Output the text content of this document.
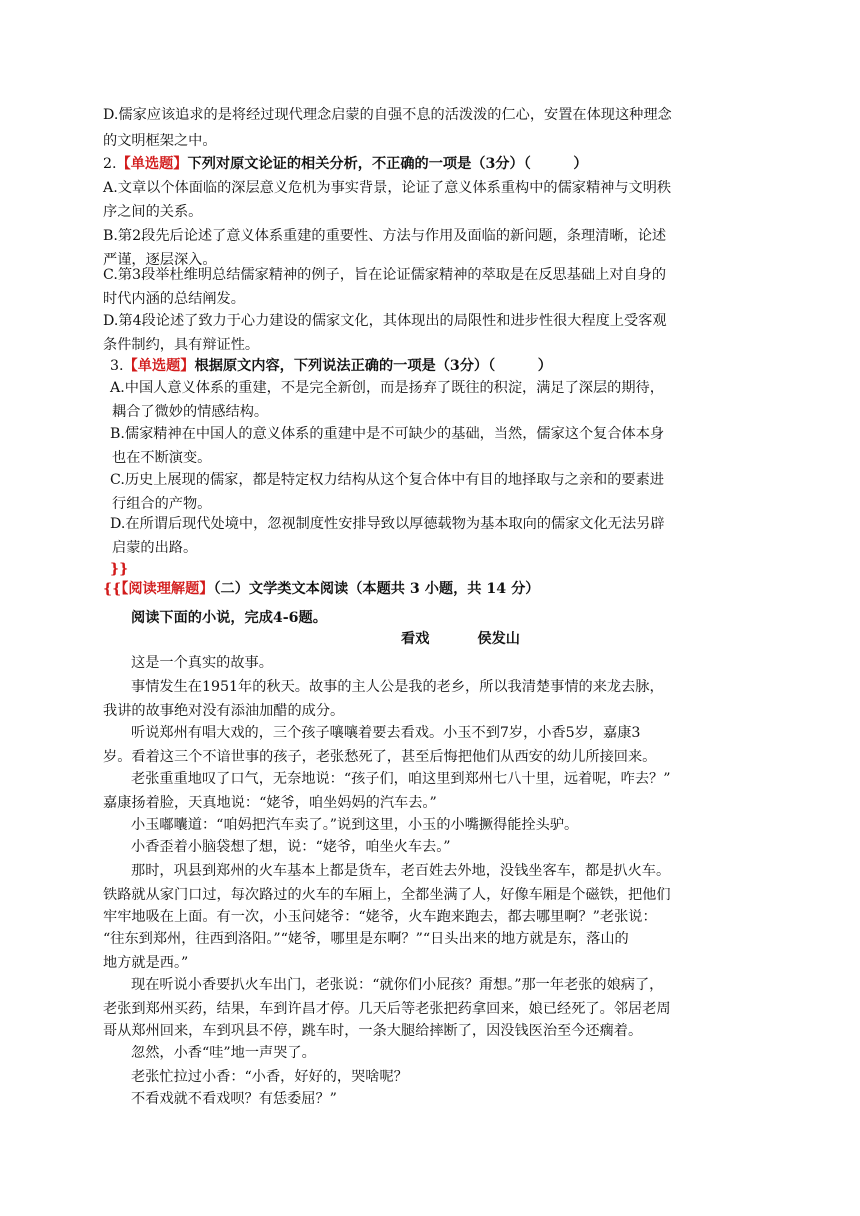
D.儒家应该追求的是将经过现代理念启蒙的自强不息的活泼泼的仁心，安置在体现这种理念
的文明框架之中。
2.【单选题】下列对原文论证的相关分析，不正确的一项是（3分）（　　　）
A.文章以个体面临的深层意义危机为事实背景，论证了意义体系重构中的儒家精神与文明秩
序之间的关系。
B.第2段先后论述了意义体系重建的重要性、方法与作用及面临的新问题，条理清晰，论述
严谨，逐层深入。
C.第3段举杜维明总结儒家精神的例子，旨在论证儒家精神的萃取是在反思基础上对自身的
时代内涵的总结阐发。
D.第4段论述了致力于心力建设的儒家文化，其体现出的局限性和进步性很大程度上受客观
条件制约，具有辩证性。
3.【单选题】根据原文内容，下列说法正确的一项是（3分）（　　　）
A.中国人意义体系的重建，不是完全新创，而是扬弃了既往的积淀，满足了深层的期待，
耦合了微妙的情感结构。
B.儒家精神在中国人的意义体系的重建中是不可缺少的基础，当然，儒家这个复合体本身
也在不断演变。
C.历史上展现的儒家，都是特定权力结构从这个复合体中有目的地择取与之亲和的要素进
行组合的产物。
D.在所谓后现代处境中，忽视制度性安排导致以厚德载物为基本取向的儒家文化无法另辟
启蒙的出路。
}}
{{【阅读理解题】（二）文学类文本阅读（本题共 3 小题，共 14 分）
阅读下面的小说，完成4-6题。
看戏	侯发山
这是一个真实的故事。
事情发生在1951年的秋天。故事的主人公是我的老乡，所以我清楚事情的来龙去脉，
我讲的故事绝对没有添油加醋的成分。
听说郑州有唱大戏的，三个孩子嚷嚷着要去看戏。小玉不到7岁，小香5岁，嘉康3
岁。看着这三个不谙世事的孩子，老张愁死了，甚至后悔把他们从西安的幼儿所接回来。
老张重重地叹了口气，无奈地说：“孩子们，咱这里到郑州七八十里，远着呢，咋去？”
嘉康扬着脸，天真地说：“姥爷，咱坐妈妈的汽车去。”
小玉嘟囔道：“咱妈把汽车卖了。”说到这里，小玉的小嘴撅得能拴头驴。
小香歪着小脑袋想了想，说：“姥爷，咱坐火车去。”
那时，巩县到郑州的火车基本上都是货车，老百姓去外地，没钱坐客车，都是扒火车。
铁路就从家门口过，每次路过的火车的车厢上，全都坐满了人，好像车厢是个磁铁，把他们
牢牢地吸在上面。有一次，小玉问姥爷：“姥爷，火车跑来跑去，都去哪里啊？”老张说：
“往东到郑州，往西到洛阳。”“姥爷，哪里是东啊？”“日头出来的地方就是东，落山的
地方就是西。”
现在听说小香要扒火车出门，老张说：“就你们小屁孩？甭想。”那一年老张的娘病了，
老张到郑州买药，结果，车到许昌才停。几天后等老张把药拿回来，娘已经死了。邻居老周
哥从郑州回来，车到巩县不停，跳车时，一条大腿给摔断了，因没钱医治至今还瘸着。
忽然，小香“哇”地一声哭了。
老张忙拉过小香：“小香，好好的，哭啥呢？
不看戏就不看戏呗？有恁委屈？”
